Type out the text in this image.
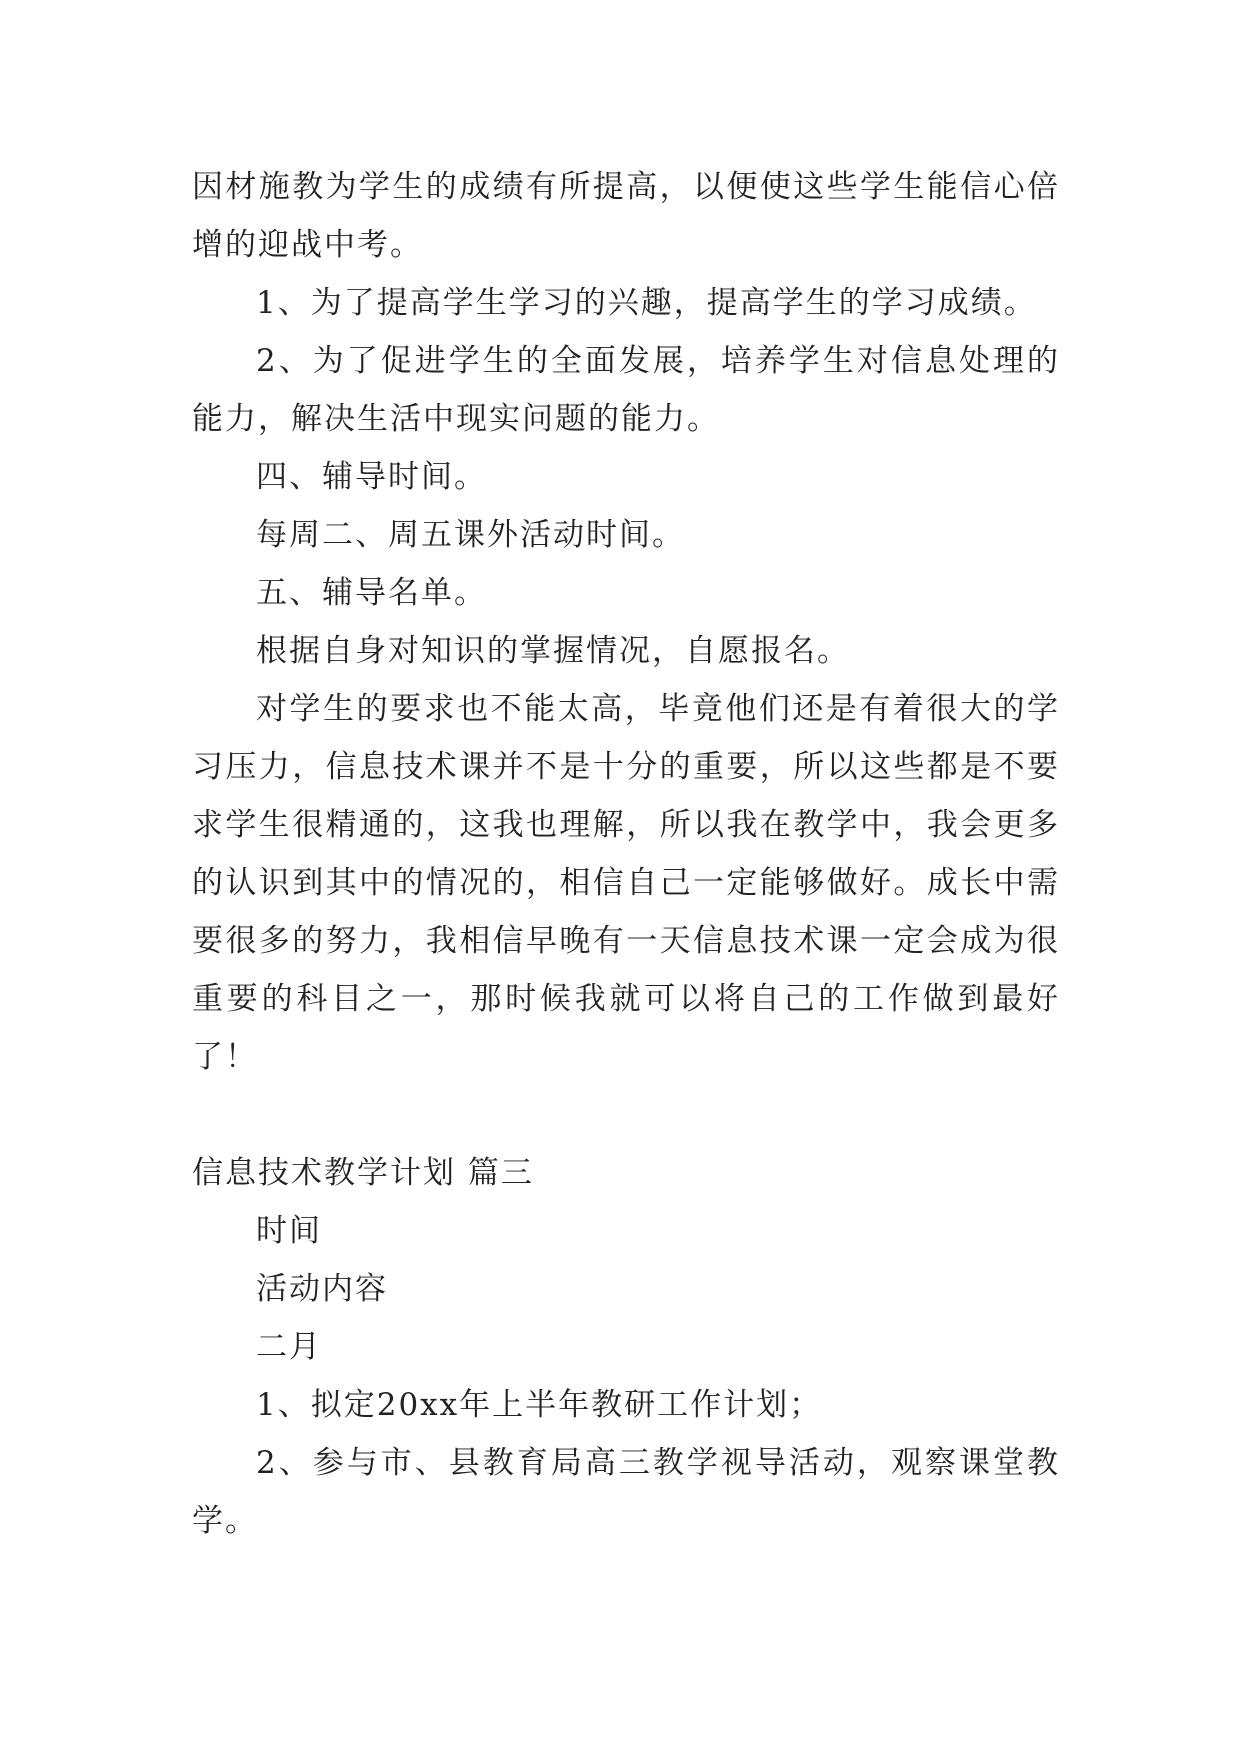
因材施教为学生的成绩有所提高，以便使这些学生能信心倍增的迎战中考。

1、为了提高学生学习的兴趣，提高学生的学习成绩。

2、为了促进学生的全面发展，培养学生对信息处理的能力，解决生活中现实问题的能力。

四、辅导时间。

每周二、周五课外活动时间。

五、辅导名单。

根据自身对知识的掌握情况，自愿报名。

对学生的要求也不能太高，毕竟他们还是有着很大的学习压力，信息技术课并不是十分的重要，所以这些都是不要求学生很精通的，这我也理解，所以我在教学中，我会更多的认识到其中的情况的，相信自己一定能够做好。成长中需要很多的努力，我相信早晚有一天信息技术课一定会成为很重要的科目之一，那时候我就可以将自己的工作做到最好了！

信息技术教学计划 篇三

时间

活动内容

二月

1、拟定20xx年上半年教研工作计划；

2、参与市、县教育局高三教学视导活动，观察课堂教学。
